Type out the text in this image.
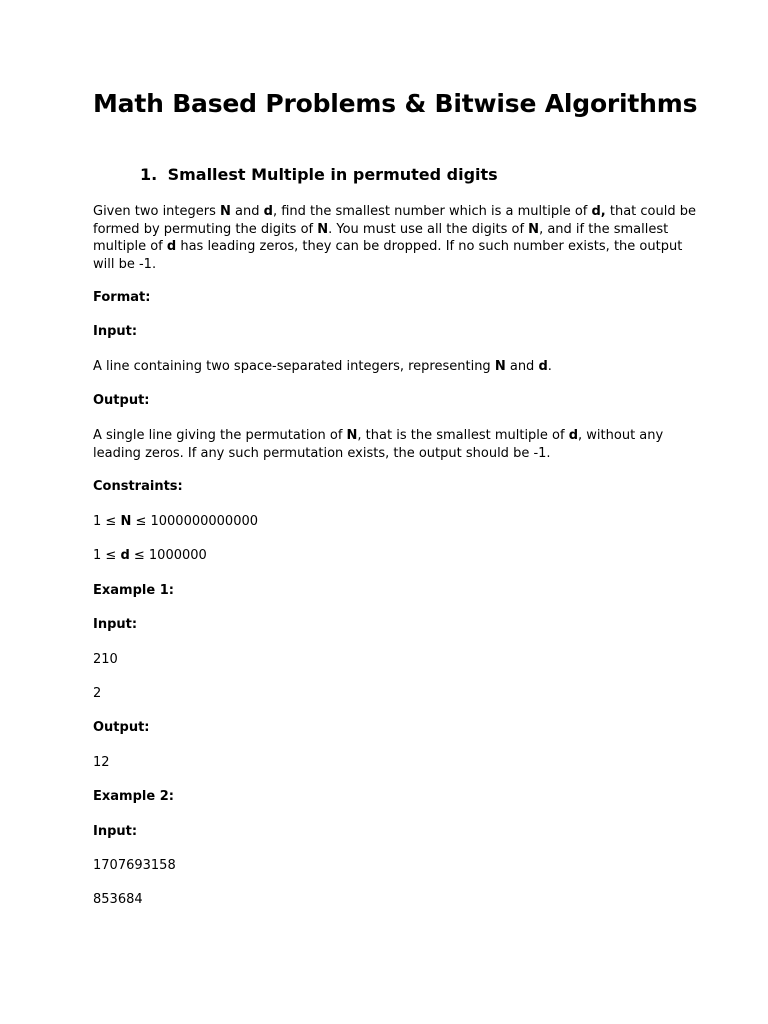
Math Based Problems & Bitwise Algorithms
1. Smallest Multiple in permuted digits

Given two integers N and d, find the smallest number which is a multiple of d, that could be

formed by permuting the digits of N. You must use all the digits of N, and if the smallest

multiple of d has leading zeros, they can be dropped. If no such number exists, the output

will be -1.

Format:

Input:

A line containing two space-separated integers, representing N and d.

Output:

A single line giving the permutation of N, that is the smallest multiple of d, without any

leading zeros. If any such permutation exists, the output should be -1.

Constraints:

1 ≤ N ≤ 1000000000000

1 ≤ d ≤ 1000000

Example 1:

Input:

210

2

Output:

12

Example 2:

Input:

1707693158

853684
